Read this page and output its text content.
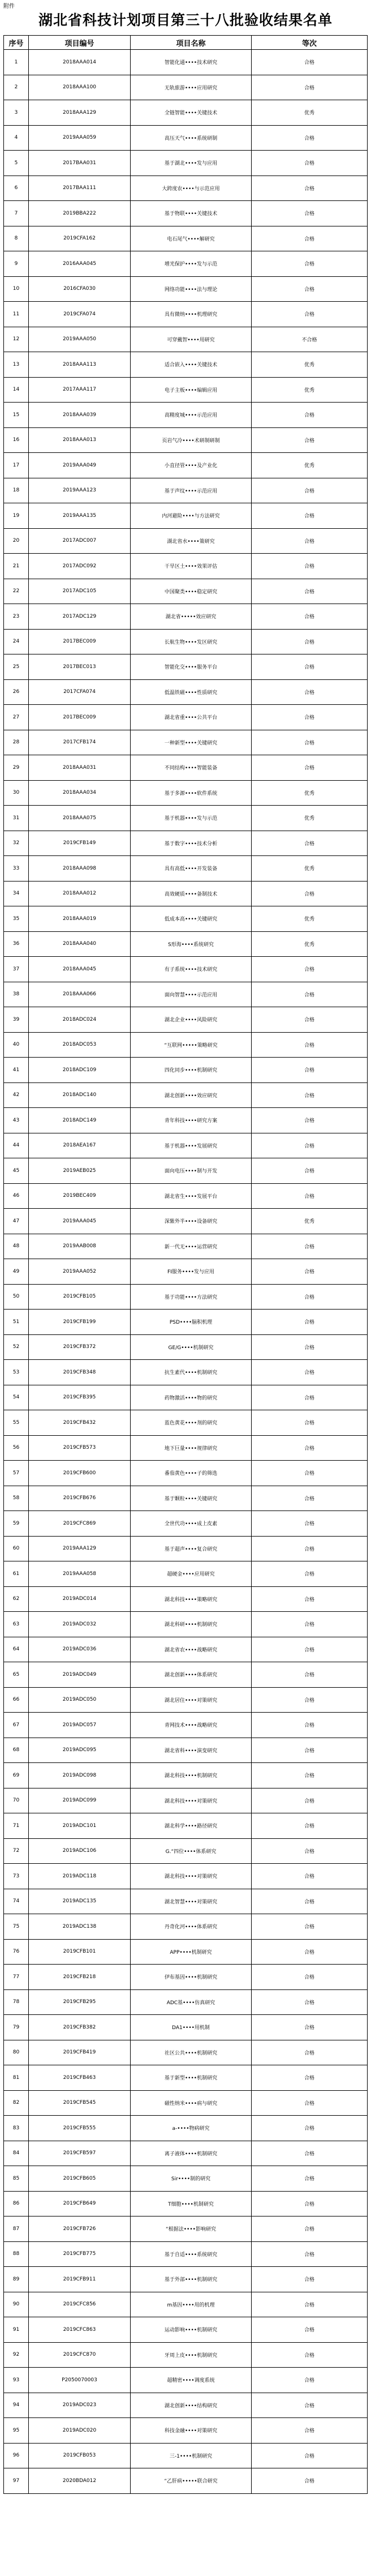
附件
湖北省科技计划项目第三十八批验收结果名单
序号	项目编号	项目名称	等次
1	2018AAA014	智能化通••••技术研究	合格
2	2018AAA100	无轨旅游••••应用研究	合格
3	2018AAA129	全链智能••••关键技术	优秀
4	2019AAA059	高压天气••••系统研制	合格
5	2017BAA031	基于湖北••••发与应用	合格
6	2017BAA111	大跨度农••••与示范应用	合格
7	2019BBA222	基于物联••••关键技术	合格
8	2019CFA162	电石尾气••••解研究	合格
9	2016AAA045	增光保护••••发与示范	合格
10	2016CFA030	网络功能••••法与理论	合格
11	2019CFA074	具有微纳••••机理研究	合格
12	2019AAA050	可穿戴智••••用研究	不合格
13	2018AAA113	适合嵌入••••关键技术	优秀
14	2017AAA117	电子主板••••编辑应用	优秀
15	2018AAA039	高精度城••••示范应用	合格
16	2018AAA013	页岩气冷••••术研制研制	合格
17	2019AAA049	小直径管••••及产业化	优秀
18	2019AAA123	基于声纹••••示范应用	合格
19	2019AAA135	内河避险••••与方法研究	合格
20	2017ADC007	湖北省水••••策研究	合格
21	2017ADC092	干旱区土••••效果评估	合格
22	2017ADC105	中国聚类••••稳定研究	合格
23	2017ADC129	湖北省•••••效应研究	合格
24	2017BEC009	长航生物••••发区研究	合格
25	2017BEC013	智能化交••••服务平台	合格
26	2017CFA074	低温铁磁••••性质研究	合格
27	2017BEC009	湖北省重••••公共平台	合格
28	2017CFB174	一种新型••••关键研究	合格
29	2018AAA031	不同结构••••智能装备	合格
30	2018AAA034	基于多源••••软件系统	优秀
31	2018AAA075	基于机器••••发与示范	优秀
32	2019CFB149	基于数字••••技术分析	合格
33	2018AAA098	具有高低••••开发装备	优秀
34	2018AAA012	高效硬质••••备制技术	合格
35	2018AAA019	低成本高••••关键研究	优秀
36	2018AAA040	S形海••••系统研究	优秀
37	2018AAA045	有子系统••••技术研究	合格
38	2018AAA066	面向智慧••••示范应用	合格
39	2018ADC024	湖北企业••••风险研究	合格
40	2018ADC053	“互联网•••••策略研究	合格
41	2018ADC109	四化同步••••机制研究	合格
42	2018ADC140	湖北创新••••效应研究	合格
43	2018ADC149	青年科技••••研究方案	合格
44	2018AEA167	基于机器••••发展研究	合格
45	2019AEB025	面向电压••••制与开发	合格
46	2019BEC409	湖北省生••••发展平台	合格
47	2019AAA045	深紫外半••••设备研究	优秀
48	2019AAB008	新一代无••••运营研究	合格
49	2019AAA052	FI服务••••发与应用	合格
50	2019CFB105	基于功能••••方法研究	合格
51	2019CFB199	PSD••••脑积机理	合格
52	2019CFB372	GE/G••••机制研究	合格
53	2019CFB348	抗生素代••••机制研究	合格
54	2019CFB395	药物激活••••物的研究	合格
55	2019CFB432	蓝色黄花••••剂的研究	合格
56	2019CFB573	地下巨量••••规律研究	合格
57	2019CFB600	番茄黄色••••子的筛选	合格
58	2019CFB676	基于颗粒••••关键研究	合格
59	2019CFC869	全世代功••••成上皮素	合格
60	2019AAA129	基于超声••••复合研究	合格
61	2019AAA058	超硬金••••应用研究	合格
62	2019ADC014	湖北科技••••策略研究	合格
63	2019ADC032	湖北科研••••机制研究	合格
64	2019ADC036	湖北省农••••战略研究	合格
65	2019ADC049	湖北创新••••体系研究	合格
66	2019ADC050	湖北居住••••对策研究	合格
67	2019ADC057	青网技术••••战略研究	合格
68	2019ADC095	湖北省科••••演变研究	合格
69	2019ADC098	湖北科技••••机制研究	合格
70	2019ADC099	湖北科技••••对策研究	合格
71	2019ADC101	湖北科学••••路径研究	合格
72	2019ADC106	G.“四位••••体系研究	合格
73	2019ADC118	湖北科技••••对策研究	合格
74	2019ADC135	湖北智慧••••对策研究	合格
75	2019ADC138	丹奇化河••••体系研究	合格
76	2019CFB101	APP••••机制研究	合格
77	2019CFB218	伊布基因••••机制研究	合格
78	2019CFB295	ADC基••••仿真研究	合格
79	2019CFB382	DA1••••用机制	合格
80	2019CFB419	社区公共••••机制研究	合格
81	2019CFB463	基于新型••••机制研究	合格
82	2019CFB545	磁性纳米••••病与研究	合格
83	2019CFB555	a-••••物病研究	合格
84	2019CFB597	离子液体••••机制研究	合格
85	2019CFB605	Sir••••制的研究	合格
86	2019CFB649	T细胞••••机制研究	合格
87	2019CFB726	“根据法••••影响研究	合格
88	2019CFB775	基于自适••••系统研究	合格
89	2019CFB911	基于外部••••机制研究	合格
90	2019CFC856	m基因••••用的机理	合格
91	2019CFC863	运动影响••••机制研究	合格
92	2019CFC870	牙周上皮••••机制研究	合格
93	P2050070003	超精密••••调度系统	合格
94	2019ADC023	湖北创新••••结构研究	合格
95	2019ADC020	科技金融••••对策研究	合格
96	2019CFB053	三-1••••机制研究	合格
97	2020BDA012	“乙肝病•••••联合研究	合格
